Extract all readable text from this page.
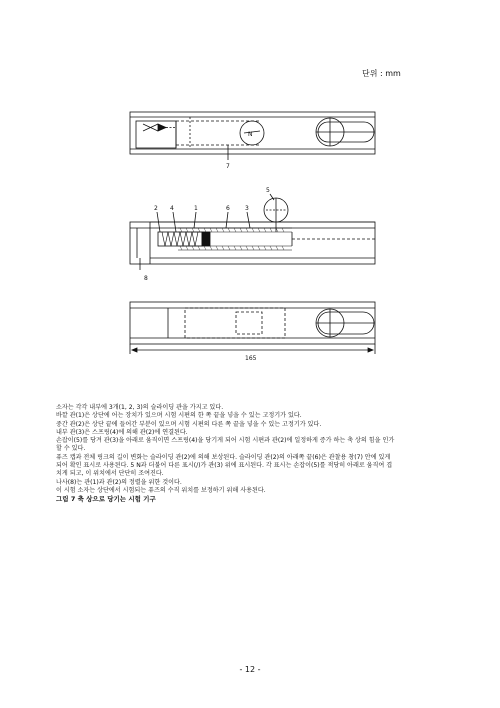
단위 : mm
N
7
2 4	1	6	3
5
8
165

소자는 각각 내부에 3개(1, 2, 3)의 슬라이딩 관을 가지고 있다.

바깥 관(1)은 상단에 어는 장치가 있으며 시험 시편의 한 쪽 끝을 넣을 수 있는 고정기가 있다.

중간 관(2)은 상단 끝에 들어간 부분이 있으며 시험 시편의 다른 쪽 끝을 넣을 수 있는 고정기가 있다.

내부 관(3)은 스프링(4)에 의해 관(2)에 연결된다.

손잡이(5)를 당겨 관(3)을 아래로 움직이면 스프링(4)을 당기게 되어 시험 시편과 관(2)에 일정하게 증가 하는 축 상의 힘을 인가할 수 있다.

퓨즈 캡과 전체 링크의 길이 변화는 슬라이딩 관(2)에 의해 보상된다. 슬라이딩 관(2)의 아래쪽 끝(6)은 관찰용 창(7) 안에 있게 되어 확인 표시로 사용된다. 5 N과 더불어 다른 표시(/)가 관(3) 위에 표시된다. 각 표시는 손잡이(5)를 적당히 아래로 움직여 겹치게 되고, 이 위치에서 단단히 조여진다.

나사(8)는 관(1)과 관(2)의 정렬을 위한 것이다.

이 시험 소자는 상단에서 시험되는 퓨즈의 수직 위치를 보정하기 위해 사용된다.

그림 7 축 상으로 당기는 시험 기구

- 12 -
